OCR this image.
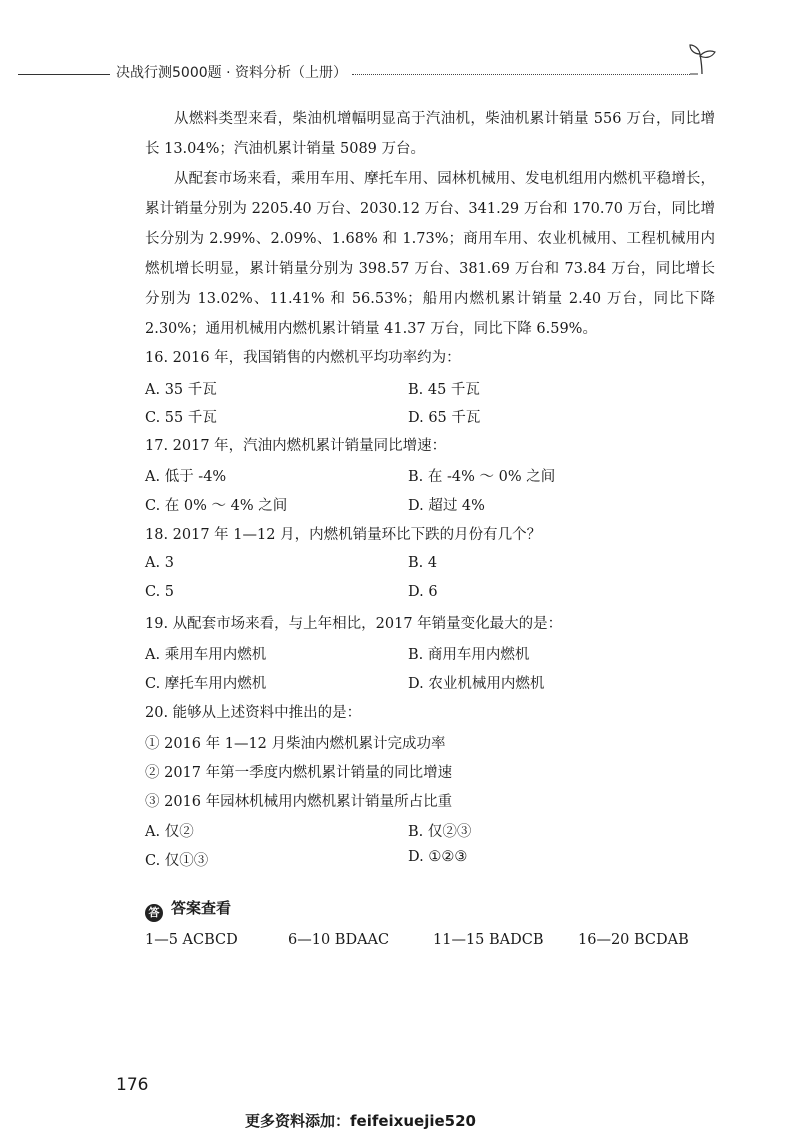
决战行测5000题 · 资料分析（上册）
从燃料类型来看，柴油机增幅明显高于汽油机，柴油机累计销量 556 万台，同比增长 13.04%；汽油机累计销量 5089 万台。
从配套市场来看，乘用车用、摩托车用、园林机械用、发电机组用内燃机平稳增长，累计销量分别为 2205.40 万台、2030.12 万台、341.29 万台和 170.70 万台，同比增长分别为 2.99%、2.09%、1.68% 和 1.73%；商用车用、农业机械用、工程机械用内燃机增长明显，累计销量分别为 398.57 万台、381.69 万台和 73.84 万台，同比增长分别为 13.02%、11.41% 和 56.53%；船用内燃机累计销量 2.40 万台，同比下降 2.30%；通用机械用内燃机累计销量 41.37 万台，同比下降 6.59%。
16. 2016 年，我国销售的内燃机平均功率约为：
A. 35 千瓦	B. 45 千瓦
C. 55 千瓦	D. 65 千瓦
17. 2017 年，汽油内燃机累计销量同比增速：
A. 低于 -4%	B. 在 -4% ～ 0% 之间
C. 在 0% ～ 4% 之间	D. 超过 4%
18. 2017 年 1—12 月，内燃机销量环比下跌的月份有几个？
A. 3	B. 4
C. 5	D. 6
19. 从配套市场来看，与上年相比，2017 年销量变化最大的是：
A. 乘用车用内燃机	B. 商用车用内燃机
C. 摩托车用内燃机	D. 农业机械用内燃机
20. 能够从上述资料中推出的是：
① 2016 年 1—12 月柴油内燃机累计完成功率
② 2017 年第一季度内燃机累计销量的同比增速
③ 2016 年园林机械用内燃机累计销量所占比重
A. 仅②	B. 仅②③
C. 仅①③	D. ①②③
答 答案查看
1—5 ACBCD	6—10 BDAAC	11—15 BADCB 16—20 BCDAB
176
更多资料添加：feifeixuejie520
